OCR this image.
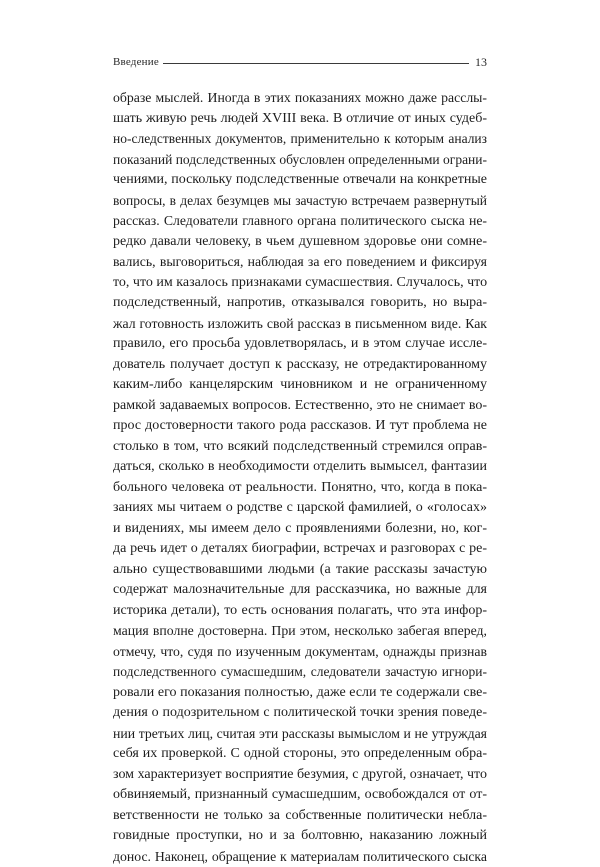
Введение	13
образе мыслей. Иногда в этих показаниях можно даже расслы-
шать живую речь людей XVIII века. В отличие от иных судеб-
но-следственных документов, применительно к которым анализ
показаний подследственных обусловлен определенными ограни-
чениями, поскольку подследственные отвечали на конкретные
вопросы, в делах безумцев мы зачастую встречаем развернутый
рассказ. Следователи главного органа политического сыска не-
редко давали человеку, в чьем душевном здоровье они сомне-
вались, выговориться, наблюдая за его поведением и фиксируя
то, что им казалось признаками сумасшествия. Случалось, что
подследственный, напротив, отказывался говорить, но выра-
жал готовность изложить свой рассказ в письменном виде. Как
правило, его просьба удовлетворялась, и в этом случае иссле-
дователь получает доступ к рассказу, не отредактированному
каким-либо канцелярским чиновником и не ограниченному
рамкой задаваемых вопросов. Естественно, это не снимает во-
прос достоверности такого рода рассказов. И тут проблема не
столько в том, что всякий подследственный стремился оправ-
даться, сколько в необходимости отделить вымысел, фантазии
больного человека от реальности. Понятно, что, когда в пока-
заниях мы читаем о родстве с царской фамилией, о «голосах»
и видениях, мы имеем дело с проявлениями болезни, но, ког-
да речь идет о деталях биографии, встречах и разговорах с ре-
ально существовавшими людьми (а такие рассказы зачастую
содержат малозначительные для рассказчика, но важные для
историка детали), то есть основания полагать, что эта инфор-
мация вполне достоверна. При этом, несколько забегая вперед,
отмечу, что, судя по изученным документам, однажды признав
подследственного сумасшедшим, следователи зачастую игнори-
ровали его показания полностью, даже если те содержали све-
дения о подозрительном с политической точки зрения поведе-
нии третьих лиц, считая эти рассказы вымыслом и не утруждая
себя их проверкой. С одной стороны, это определенным обра-
зом характеризует восприятие безумия, с другой, означает, что
обвиняемый, признанный сумасшедшим, освобождался от от-
ветственности не только за собственные политически небла-
говидные проступки, но и за болтовню, наказанию ложный
донос. Наконец, обращение к материалам политического сыска
